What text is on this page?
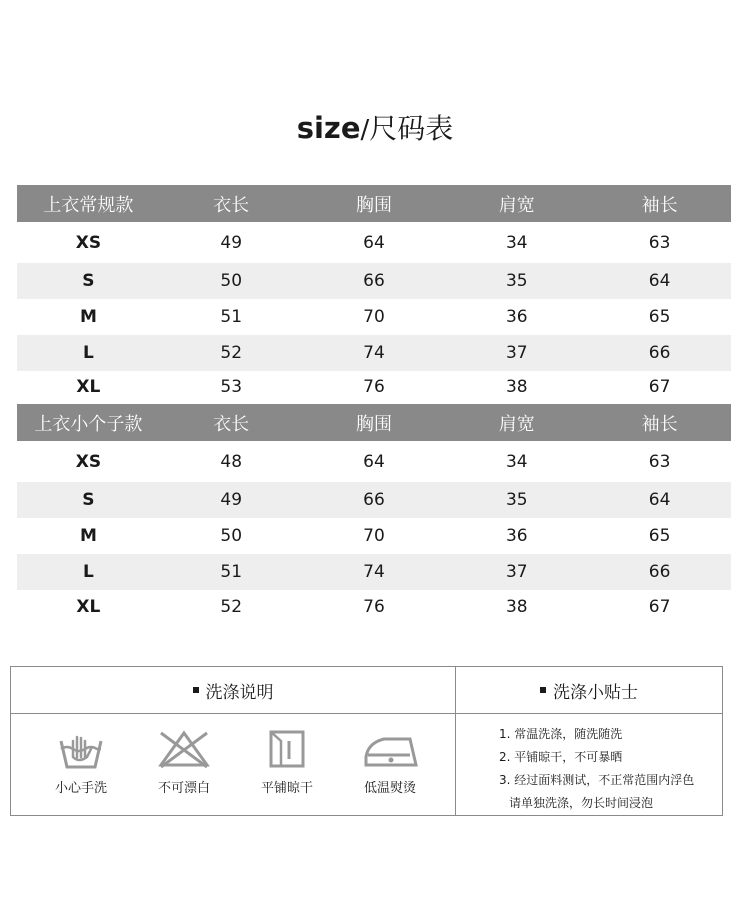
size/尺码表
上衣常规款	衣长	胸围	肩宽	袖长
XS	49	64	34	63
S	50	66	35	64
M	51	70	36	65
L	52	74	37	66
XL	53	76	38	67
上衣小个子款	衣长	胸围	肩宽	袖长
XS	48	64	34	63
S	49	66	35	64
M	50	70	36	65
L	51	74	37	66
XL	52	76	38	67
洗涤说明	洗涤小贴士
小心手洗	不可漂白	平铺晾干	低温熨烫
1. 常温洗涤，随洗随洗
2. 平铺晾干，不可暴晒
3. 经过面料测试，不正常范围内浮色
请单独洗涤，勿长时间浸泡
